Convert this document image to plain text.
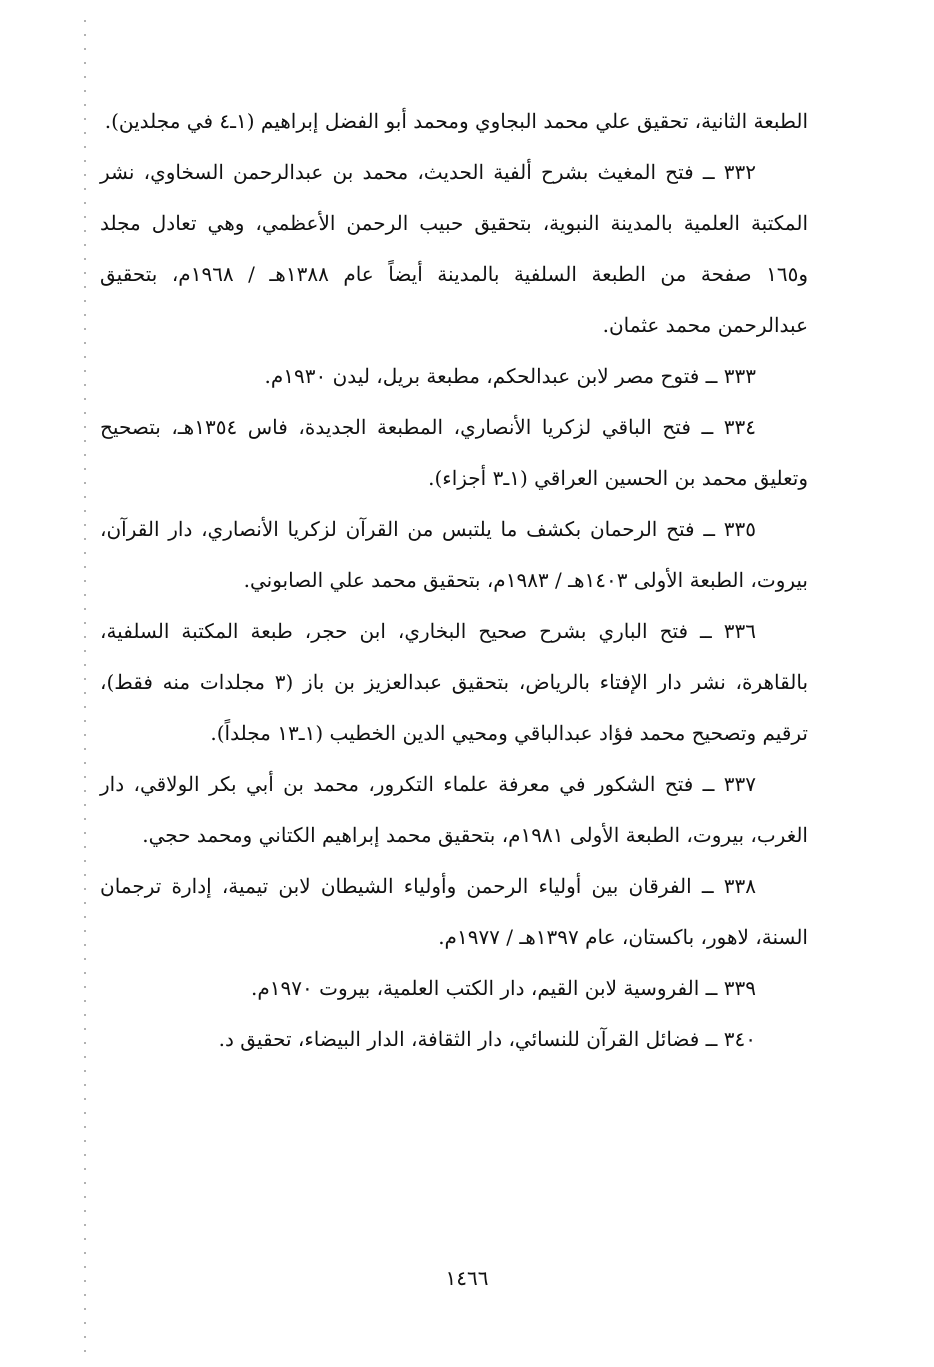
الطبعة الثانية، تحقيق علي محمد البجاوي ومحمد أبو الفضل إبراهيم (١ـ٤ في مجلدين).

٣٣٢ ــ فتح المغيث بشرح ألفية الحديث، محمد بن عبدالرحمن السخاوي، نشر المكتبة العلمية بالمدينة النبوية، بتحقيق حبيب الرحمن الأعظمي، وهي تعادل مجلد و١٦٥ صفحة من الطبعة السلفية بالمدينة أيضاً عام ١٣٨٨هـ / ١٩٦٨م، بتحقيق عبدالرحمن محمد عثمان.

٣٣٣ ــ فتوح مصر لابن عبدالحكم، مطبعة بريل، ليدن ١٩٣٠م.

٣٣٤ ــ فتح الباقي لزكريا الأنصاري، المطبعة الجديدة، فاس ١٣٥٤هـ، بتصحيح وتعليق محمد بن الحسين العراقي (١ـ٣ أجزاء).

٣٣٥ ــ فتح الرحمان بكشف ما يلتبس من القرآن لزكريا الأنصاري، دار القرآن، بيروت، الطبعة الأولى ١٤٠٣هـ / ١٩٨٣م، بتحقيق محمد علي الصابوني.

٣٣٦ ــ فتح الباري بشرح صحيح البخاري، ابن حجر، طبعة المكتبة السلفية، بالقاهرة، نشر دار الإفتاء بالرياض، بتحقيق عبدالعزيز بن باز (٣ مجلدات منه فقط)، ترقيم وتصحيح محمد فؤاد عبدالباقي ومحيي الدين الخطيب (١ـ١٣ مجلداً).

٣٣٧ ــ فتح الشكور في معرفة علماء التكرور، محمد بن أبي بكر الولاقي، دار الغرب، بيروت، الطبعة الأولى ١٩٨١م، بتحقيق محمد إبراهيم الكتاني ومحمد حجي.

٣٣٨ ــ الفرقان بين أولياء الرحمن وأولياء الشيطان لابن تيمية، إدارة ترجمان السنة، لاهور، باكستان، عام ١٣٩٧هـ / ١٩٧٧م.

٣٣٩ ــ الفروسية لابن القيم، دار الكتب العلمية، بيروت ١٩٧٠م.

٣٤٠ ــ فضائل القرآن للنسائي، دار الثقافة، الدار البيضاء، تحقيق د.

١٤٦٦
